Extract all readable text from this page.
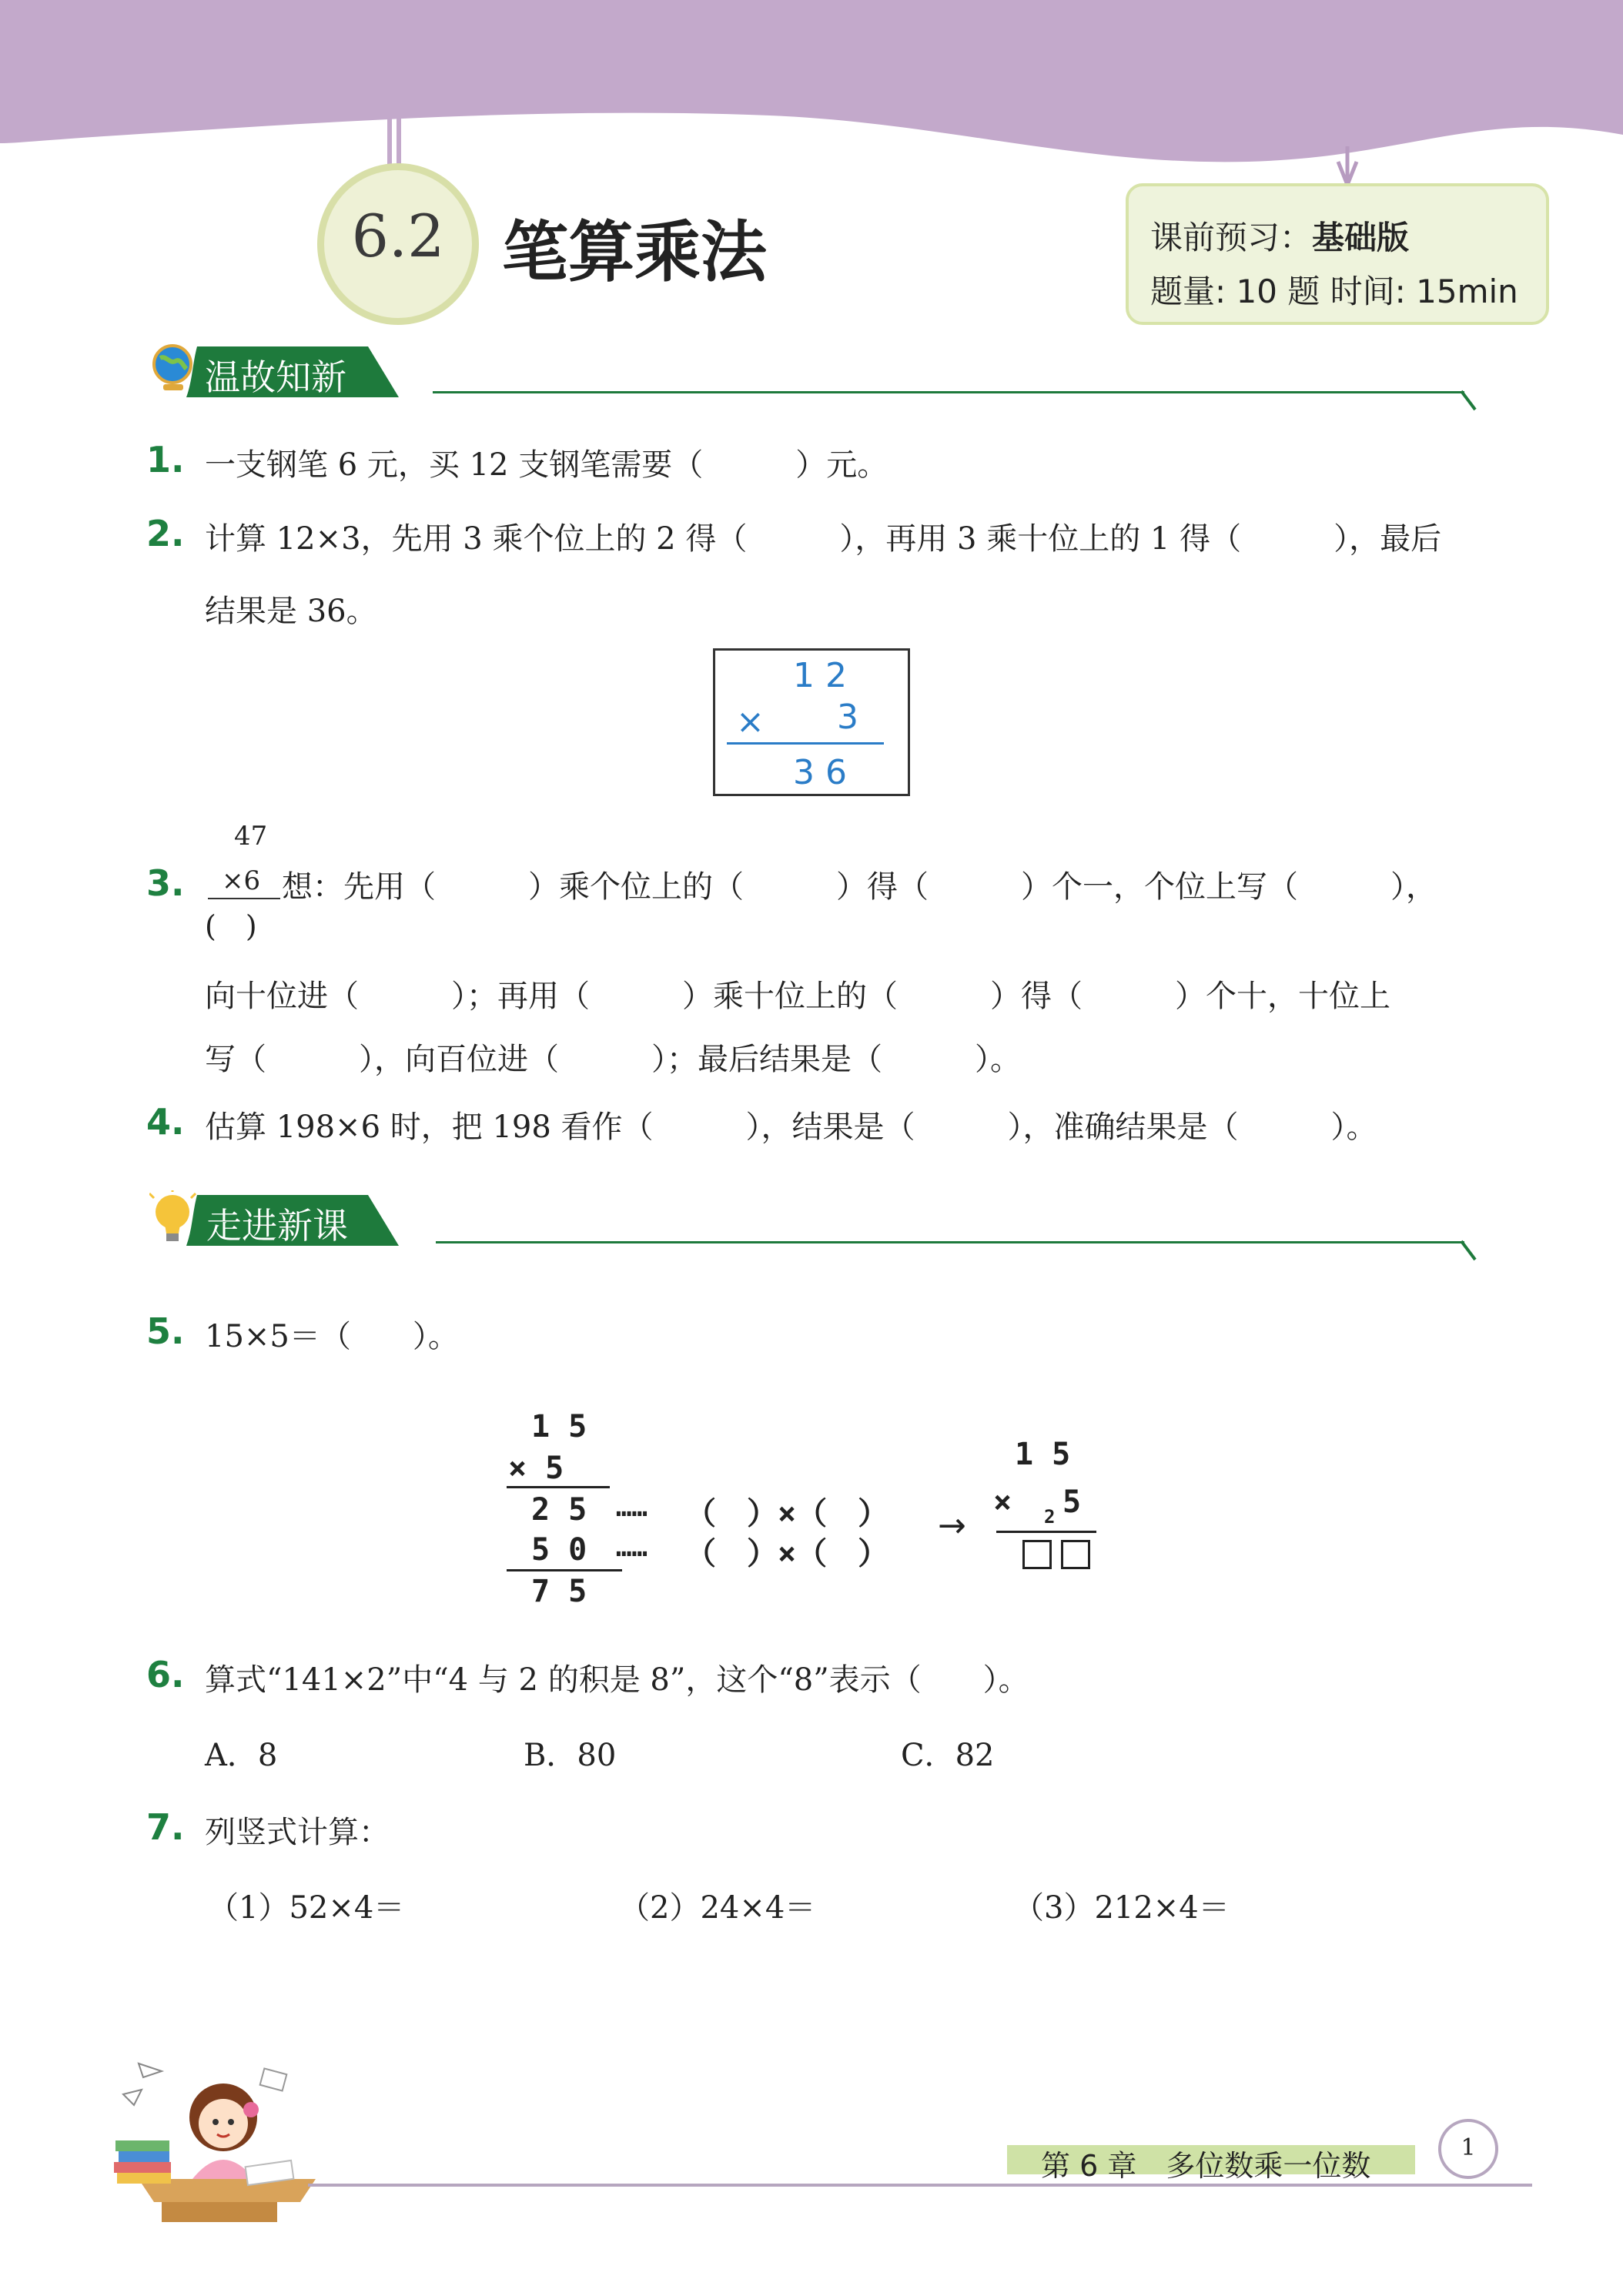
6.2 笔算乘法	课前预习：基础版
题量: 10 题 时间: 15min
温故知新
1. 一支钢笔 6 元，买 12 支钢笔需要（　　　）元。
2. 计算 12×3，先用 3 乘个位上的 2 得（　　　），再用 3 乘十位上的 1 得（　　　），最后
结果是 36。
1 2
× 3
3 6
47
3. ×6
(　)
想：先用（　　　）乘个位上的（　　　）得（　　　）个一，个位上写（　　　），
向十位进（　　　）；再用（　　　）乘十位上的（　　　）得（　　　）个十，十位上
写（　　　），向百位进（　　　）；最后结果是（　　　）。
4. 估算 198×6 时，把 198 看作（　　　），结果是（　　　），准确结果是（　　　）。
走进新课
5. 15×5＝（　　）。
1 5
× 5
2 5
5 0
7 5
…… （　）×（　）
…… （　）×（　）
→
1 5
× 2 5
6. 算式“141×2”中“4 与 2 的积是 8”，这个“8”表示（　　）。
A．8	B．80	C．82
7. 列竖式计算：
（1）52×4＝	（2）24×4＝	（3）212×4＝
第 6 章　多位数乘一位数
1
